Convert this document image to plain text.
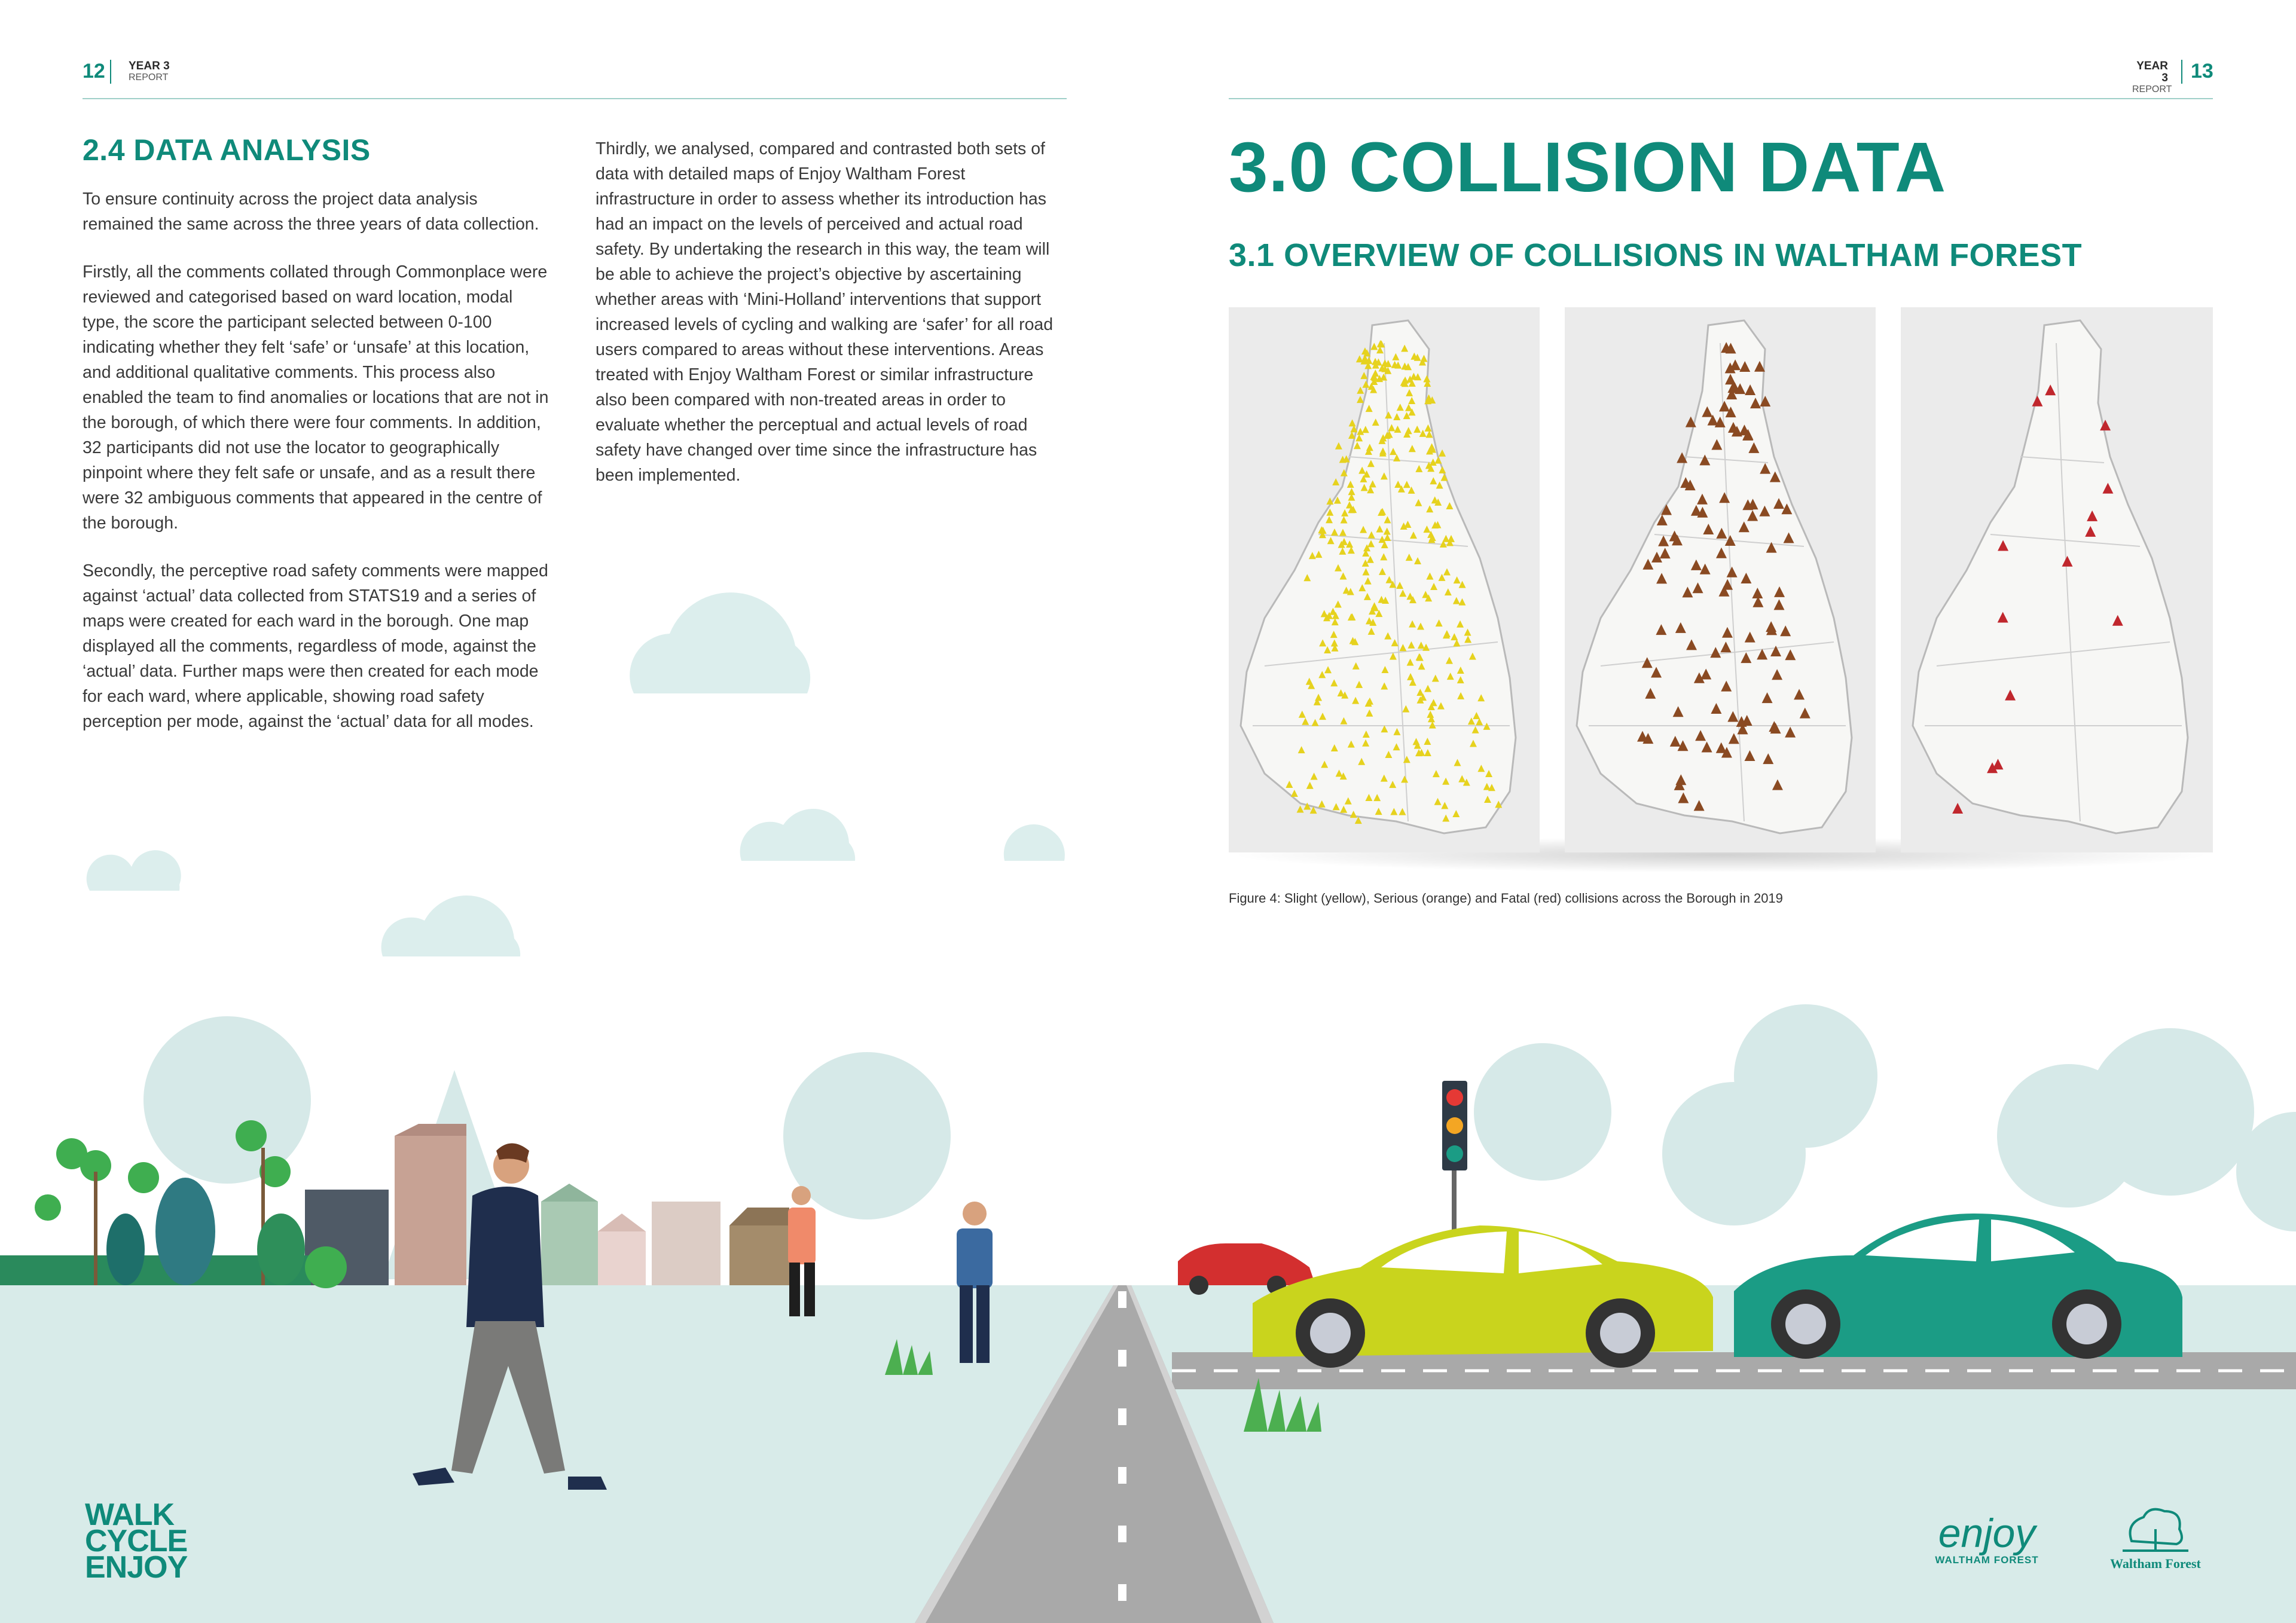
12 YEAR 3
REPORT
YEAR 3
REPORT
13
2.4 DATA ANALYSIS

To ensure continuity across the project data analysis remained the same across the three years of data collection.

Firstly, all the comments collated through Commonplace were reviewed and categorised based on ward location, modal type, the score the participant selected between 0-100 indicating whether they felt ‘safe’ or ‘unsafe’ at this location, and additional qualitative comments. This process also enabled the team to find anomalies or locations that are not in the borough, of which there were four comments. In addition, 32 participants did not use the locator to geographically pinpoint where they felt safe or unsafe, and as a result there were 32 ambiguous comments that appeared in the centre of the borough.

Secondly, the perceptive road safety comments were mapped against ‘actual’ data collected from STATS19 and a series of maps were created for each ward in the borough. One map displayed all the comments, regardless of mode, against the ‘actual’ data. Further maps were then created for each mode for each ward, where applicable, showing road safety perception per mode, against the ‘actual’ data for all modes.

Thirdly, we analysed, compared and contrasted both sets of data with detailed maps of Enjoy Waltham Forest infrastructure in order to assess whether its introduction has had an impact on the levels of perceived and actual road safety. By undertaking the research in this way, the team will be able to achieve the project’s objective by ascertaining whether areas with ‘Mini-Holland’ interventions that support increased levels of cycling and walking are ‘safer’ for all road users compared to areas without these interventions. Areas treated with Enjoy Waltham Forest or similar infrastructure also been compared with non-treated areas in order to evaluate whether the perceptual and actual levels of road safety have changed over time since the infrastructure has been implemented.

3.0 COLLISION DATA
3.1 OVERVIEW OF COLLISIONS IN WALTHAM FOREST
Figure 4: Slight (yellow), Serious (orange) and Fatal (red) collisions across the Borough in 2019
WALK
CYCLE
ENJOY
enjoy
WALTHAM FOREST	Waltham Forest
